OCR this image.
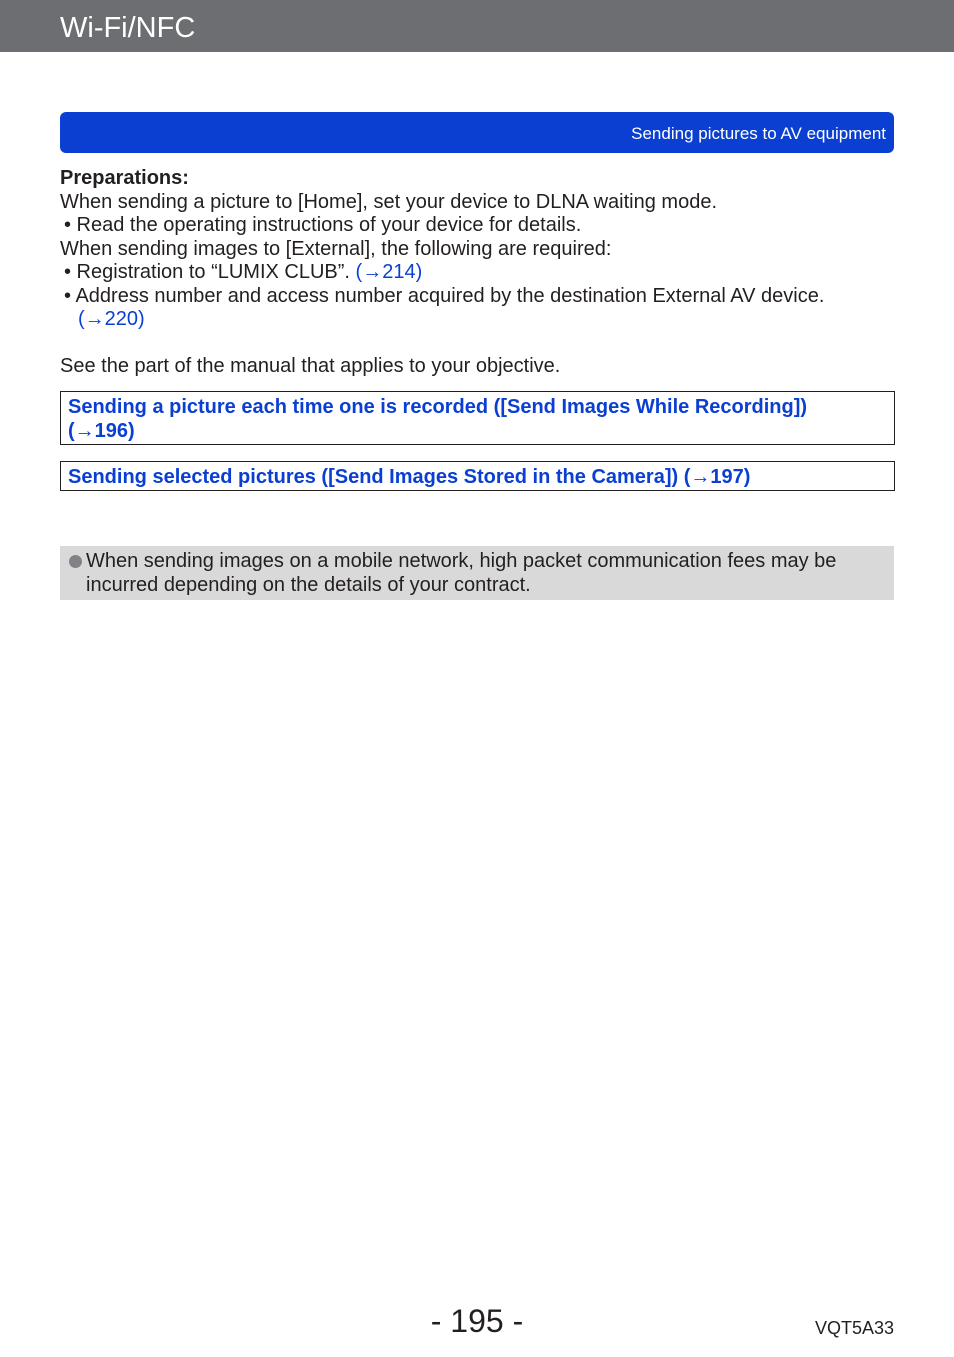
Wi-Fi/NFC
Sending pictures to AV equipment

Preparations:

When sending a picture to [Home], set your device to DLNA waiting mode.

• Read the operating instructions of your device for details.

When sending images to [External], the following are required:

• Registration to “LUMIX CLUB”. (→214)

• Address number and access number acquired by the destination External AV device.
(→220)

See the part of the manual that applies to your objective.

Sending a picture each time one is recorded ([Send Images While Recording])
(→196)
Sending selected pictures ([Send Images Stored in the Camera]) (→197)
When sending images on a mobile network, high packet communication fees may be incurred depending on the details of your contract.
- 195 -	VQT5A33
